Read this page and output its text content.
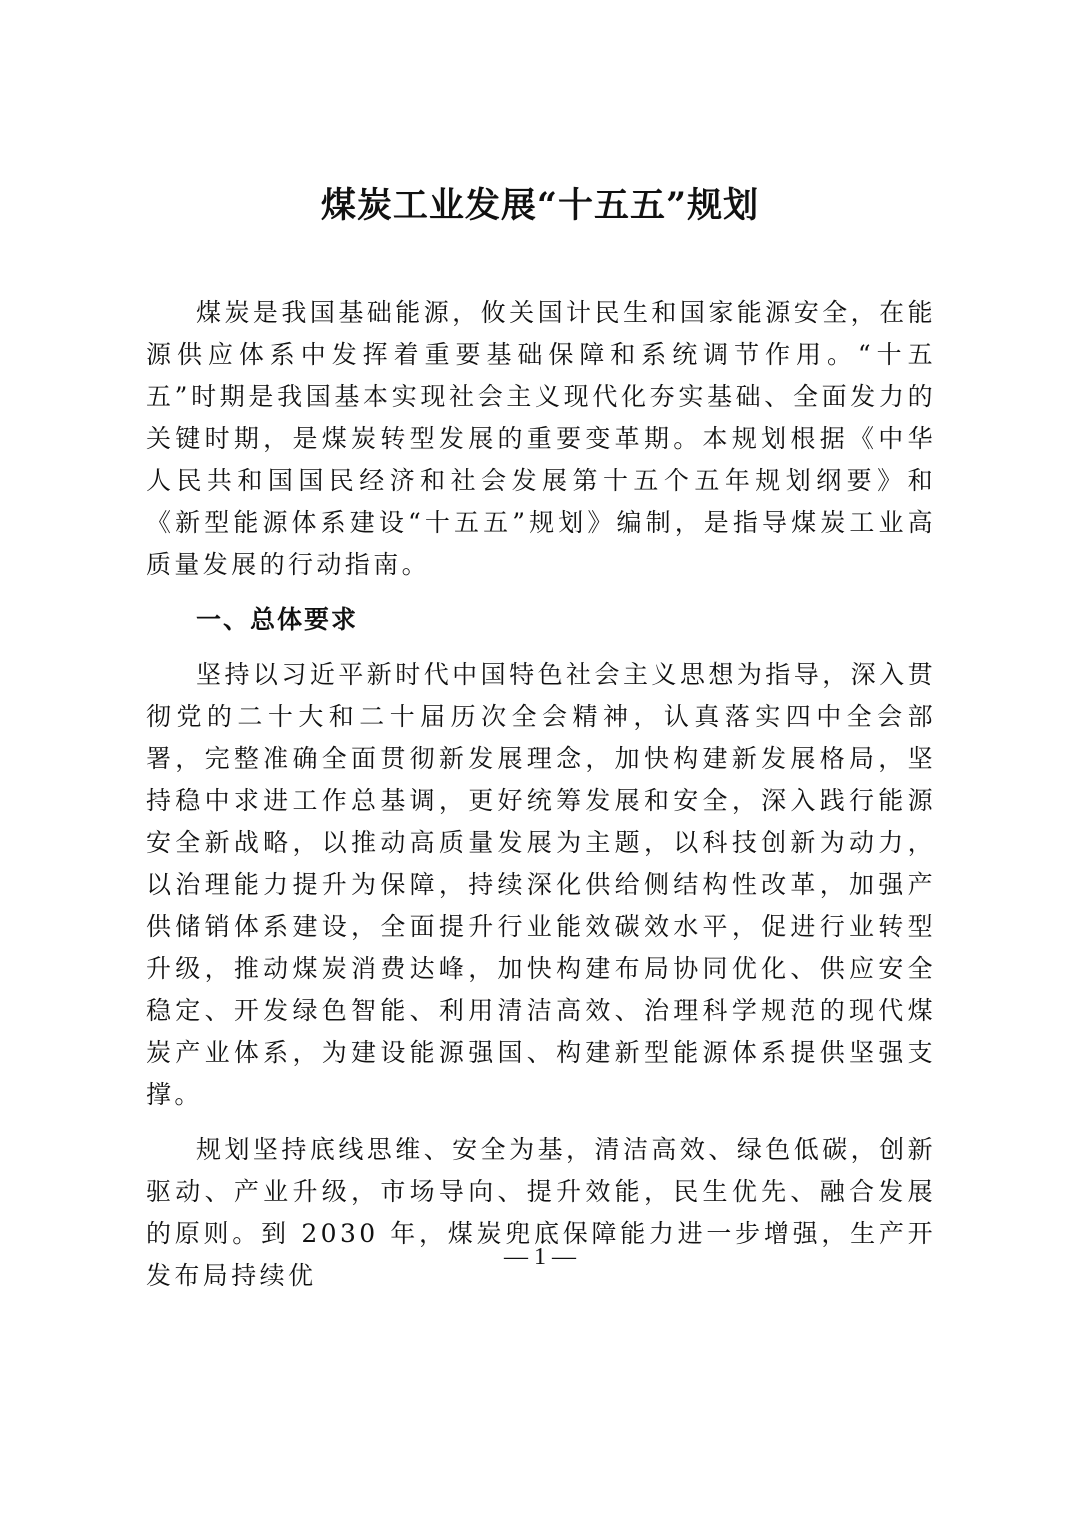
煤炭工业发展“十五五”规划

煤炭是我国基础能源，攸关国计民生和国家能源安全，在能源供应体系中发挥着重要基础保障和系统调节作用。“十五五”时期是我国基本实现社会主义现代化夯实基础、全面发力的关键时期，是煤炭转型发展的重要变革期。本规划根据《中华人民共和国国民经济和社会发展第十五个五年规划纲要》和《新型能源体系建设“十五五”规划》编制，是指导煤炭工业高质量发展的行动指南。

一、总体要求

坚持以习近平新时代中国特色社会主义思想为指导，深入贯彻党的二十大和二十届历次全会精神，认真落实四中全会部署，完整准确全面贯彻新发展理念，加快构建新发展格局，坚持稳中求进工作总基调，更好统筹发展和安全，深入践行能源安全新战略，以推动高质量发展为主题，以科技创新为动力，以治理能力提升为保障，持续深化供给侧结构性改革，加强产供储销体系建设，全面提升行业能效碳效水平，促进行业转型升级，推动煤炭消费达峰，加快构建布局协同优化、供应安全稳定、开发绿色智能、利用清洁高效、治理科学规范的现代煤炭产业体系，为建设能源强国、构建新型能源体系提供坚强支撑。

规划坚持底线思维、安全为基，清洁高效、绿色低碳，创新驱动、产业升级，市场导向、提升效能，民生优先、融合发展的原则。到 2030 年，煤炭兜底保障能力进一步增强，生产开发布局持续优

— 1 —
